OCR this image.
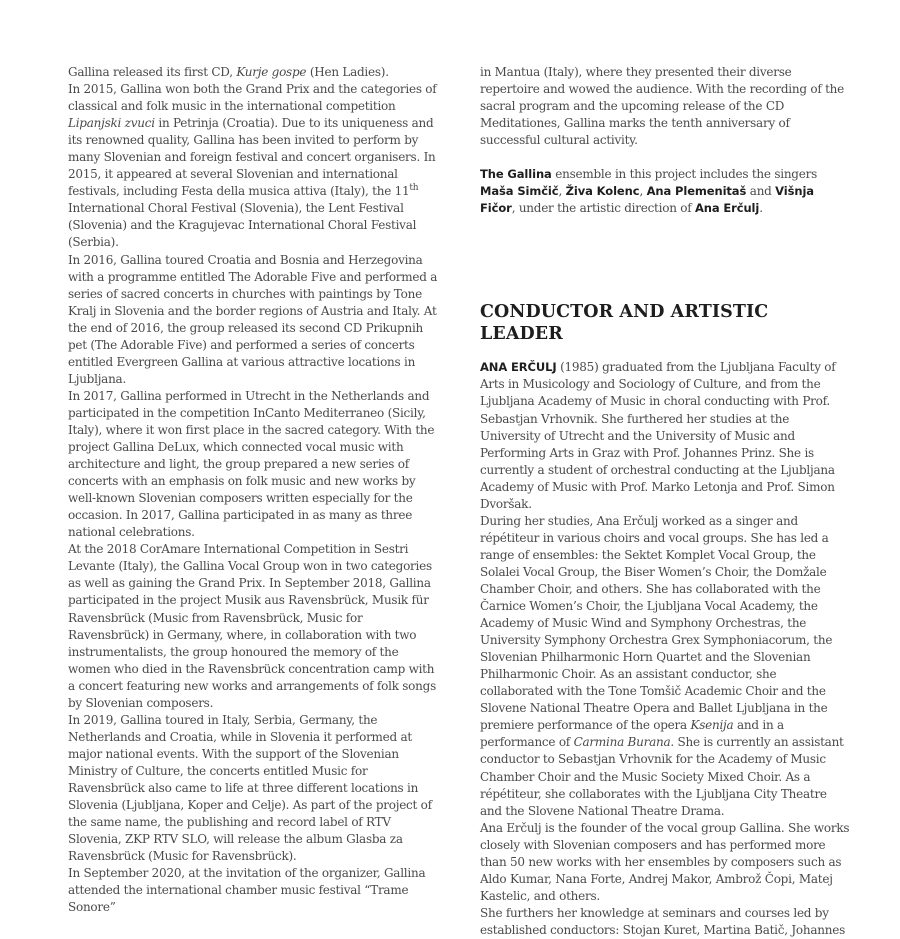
Gallina released its first CD, Kurje gospe (Hen Ladies).

In 2015, Gallina won both the Grand Prix and the categories of classical and folk music in the international competition Lipanjski zvuci in Petrinja (Croatia). Due to its uniqueness and its renowned quality, Gallina has been invited to perform by many Slovenian and foreign festival and concert organisers. In 2015, it appeared at several Slovenian and international festivals, including Festa della musica attiva (Italy), the 11th International Choral Festival (Slovenia), the Lent Festival (Slovenia) and the Kragujevac International Choral Festival (Serbia).

In 2016, Gallina toured Croatia and Bosnia and Herzegovina with a programme entitled The Adorable Five and performed a series of sacred concerts in churches with paintings by Tone Kralj in Slovenia and the border regions of Austria and Italy. At the end of 2016, the group released its second CD Prikupnih pet (The Adorable Five) and performed a series of concerts entitled Evergreen Gallina at various attractive locations in Ljubljana.

In 2017, Gallina performed in Utrecht in the Netherlands and participated in the competition InCanto Mediterraneo (Sicily, Italy), where it won first place in the sacred category. With the project Gallina DeLux, which connected vocal music with architecture and light, the group prepared a new series of concerts with an emphasis on folk music and new works by well-known Slovenian composers written especially for the occasion. In 2017, Gallina participated in as many as three national celebrations.

At the 2018 CorAmare International Competition in Sestri Levante (Italy), the Gallina Vocal Group won in two categories as well as gaining the Grand Prix. In September 2018, Gallina participated in the project Musik aus Ravensbrück, Musik für Ravensbrück (Music from Ravensbrück, Music for Ravensbrück) in Germany, where, in collaboration with two instrumentalists, the group honoured the memory of the women who died in the Ravensbrück concentration camp with a concert featuring new works and arrangements of folk songs by Slovenian composers.

In 2019, Gallina toured in Italy, Serbia, Germany, the Netherlands and Croatia, while in Slovenia it performed at major national events. With the support of the Slovenian Ministry of Culture, the concerts entitled Music for Ravensbrück also came to life at three different locations in Slovenia (Ljubljana, Koper and Celje). As part of the project of the same name, the publishing and record label of RTV Slovenia, ZKP RTV SLO, will release the album Glasba za Ravensbrück (Music for Ravensbrück).

In September 2020, at the invitation of the organizer, Gallina attended the international chamber music festival “Trame Sonore”

in Mantua (Italy), where they presented their diverse repertoire and wowed the audience. With the recording of the sacral program and the upcoming release of the CD Meditationes, Gallina marks the tenth anniversary of successful cultural activity.

The Gallina ensemble in this project includes the singers Maša Simčič, Živa Kolenc, Ana Plemenitaš and Višnja Fičor, under the artistic direction of Ana Erčulj.

CONDUCTOR AND ARTISTIC LEADER

ANA ERČULJ (1985) graduated from the Ljubljana Faculty of Arts in Musicology and Sociology of Culture, and from the Ljubljana Academy of Music in choral conducting with Prof. Sebastjan Vrhovnik. She furthered her studies at the University of Utrecht and the University of Music and Performing Arts in Graz with Prof. Johannes Prinz. She is currently a student of orchestral conducting at the Ljubljana Academy of Music with Prof. Marko Letonja and Prof. Simon Dvoršak.

During her studies, Ana Erčulj worked as a singer and répétiteur in various choirs and vocal groups. She has led a range of ensembles: the Sektet Komplet Vocal Group, the Solalei Vocal Group, the Biser Women’s Choir, the Domžale Chamber Choir, and others. She has collaborated with the Čarnice Women’s Choir, the Ljubljana Vocal Academy, the Academy of Music Wind and Symphony Orchestras, the University Symphony Orchestra Grex Symphoniacorum, the Slovenian Philharmonic Horn Quartet and the Slovenian Philharmonic Choir. As an assistant conductor, she collaborated with the Tone Tomšič Academic Choir and the Slovene National Theatre Opera and Ballet Ljubljana in the premiere performance of the opera Ksenija and in a performance of Carmina Burana. She is currently an assistant conductor to Sebastjan Vrhovnik for the Academy of Music Chamber Choir and the Music Society Mixed Choir. As a répétiteur, she collaborates with the Ljubljana City Theatre and the Slovene National Theatre Drama.

Ana Erčulj is the founder of the vocal group Gallina. She works closely with Slovenian composers and has performed more than 50 new works with her ensembles by composers such as Aldo Kumar, Nana Forte, Andrej Makor, Ambrož Čopi, Matej Kastelic, and others.

She furthers her knowledge at seminars and courses led by established conductors: Stojan Kuret, Martina Batič, Johannes
